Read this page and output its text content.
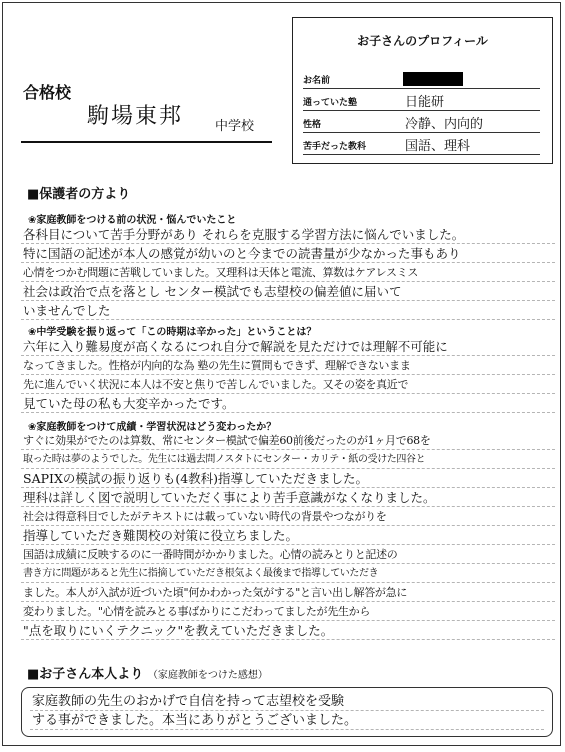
お子さんのプロフィール
お名前
通っていた塾	日能研
性格	冷静、内向的
苦手だった教科	国語、理科
合格校
駒場東邦 中学校
■保護者の方より
❀家庭教師をつける前の状況・悩んでいたこと
各科目について苦手分野があり それらを克服する学習方法に悩んでいました。
特に国語の記述が本人の感覚が幼いのと今までの読書量が少なかった事もあり
心情をつかむ問題に苦戦していました。又理科は天体と電流、算数はケアレスミス
社会は政治で点を落とし センター模試でも志望校の偏差値に届いて
いませんでした
❀中学受験を振り返って「この時期は辛かった」ということは？
六年に入り難易度が高くなるにつれ自分で解説を見ただけでは理解不可能に
なってきました。性格が内向的な為 塾の先生に質問もできず、理解できないまま
先に進んでいく状況に本人は不安と焦りで苦しんでいました。又その姿を真近で
見ていた母の私も大変辛かったです。
❀家庭教師をつけて成績・学習状況はどう変わったか？
すぐに効果がでたのは算数、常にセンター模試で偏差60前後だったのが1ヶ月で68を
取った時は夢のようでした。先生には過去問ノスタトにセンター・カリテ・紙の受けた四谷と
SAPIXの模試の振り返りも(4教科)指導していただきました。
理科は詳しく図で説明していただく事により苦手意識がなくなりました。
社会は得意科目でしたがテキストには載っていない時代の背景やつながりを
指導していただき難関校の対策に役立ちました。
国語は成績に反映するのに一番時間がかかりました。心情の読みとりと記述の
書き方に問題があると先生に指摘していただき根気よく最後まで指導していただき
ました。本人が入試が近づいた頃"何かわかった気がする"と言い出し解答が急に
変わりました。"心情を読みとる事ばかりにこだわってましたが先生から
"点を取りにいくテクニック"を教えていただきました。
■お子さん本人より （家庭教師をつけた感想）
家庭教師の先生のおかげで自信を持って志望校を受験
する事ができました。本当にありがとうございました。
